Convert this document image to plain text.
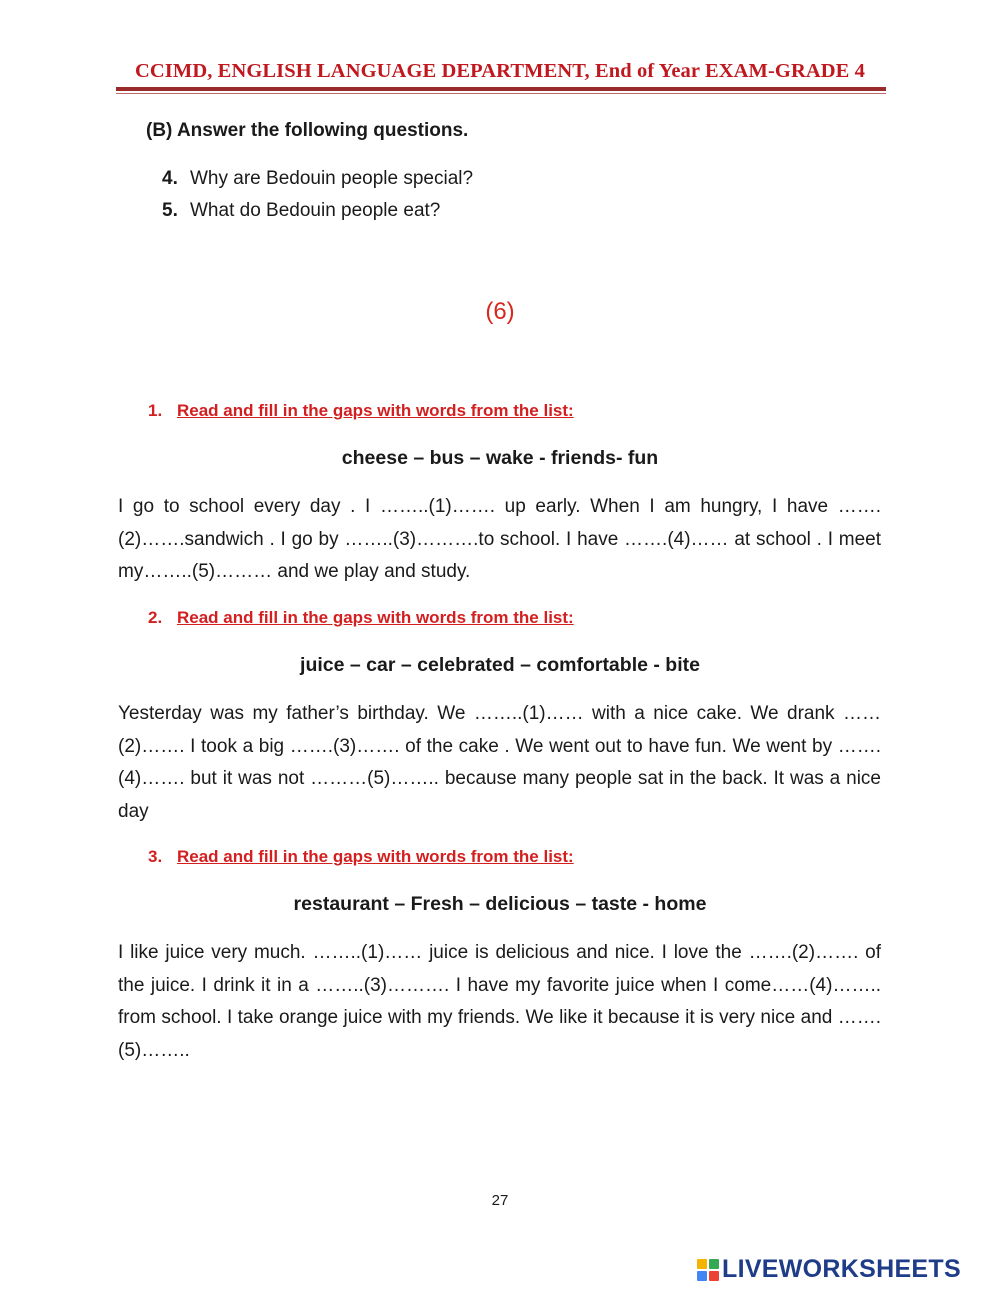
CCIMD, ENGLISH LANGUAGE DEPARTMENT, End of Year EXAM-GRADE 4
(B) Answer the following questions.
4. Why are Bedouin people special?
5. What do Bedouin people eat?
(6)
1. Read and fill in the gaps with words from the list:
cheese – bus – wake - friends- fun

I go to school every day . I ……..(1)……. up early. When I am hungry, I have …….(2)…….sandwich . I go by ……..(3)……….to school. I have …….(4)…… at school . I meet my……..(5)……… and we play and study.

2. Read and fill in the gaps with words from the list:
juice – car – celebrated – comfortable - bite

Yesterday was my father’s birthday. We ……..(1)…… with a nice cake. We drank ……(2)……. I took a big …….(3)……. of the cake . We went out to have fun. We went by …….(4)……. but it was not ………(5)…….. because many people sat in the back. It was a nice day

3. Read and fill in the gaps with words from the list:
restaurant – Fresh – delicious – taste - home

I like juice very much. ……..(1)…… juice is delicious and nice. I love the …….(2)……. of the juice. I drink it in a ……..(3)………. I have my favorite juice when I come……(4)…….. from school. I take orange juice with my friends. We like it because it is very nice and …….(5)……..

27
LIVEWORKSHEETS
